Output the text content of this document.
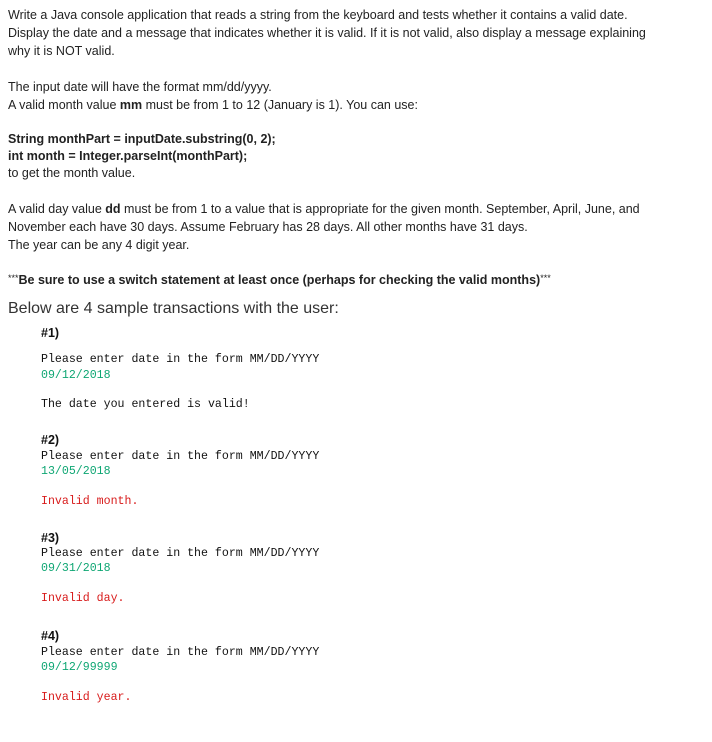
Write a Java console application that reads a string from the keyboard and tests whether it contains a valid date.
Display the date and a message that indicates whether it is valid. If it is not valid, also display a message explaining
why it is NOT valid.
The input date will have the format mm/dd/yyyy.
A valid month value mm must be from 1 to 12 (January is 1). You can use:
String monthPart = inputDate.substring(0, 2);
int month = Integer.parseInt(monthPart);
to get the month value.
A valid day value dd must be from 1 to a value that is appropriate for the given month. September, April, June, and
November each have 30 days. Assume February has 28 days. All other months have 31 days.
The year can be any 4 digit year.
***Be sure to use a switch statement at least once (perhaps for checking the valid months)***
Below are 4 sample transactions with the user:
#1)
Please enter date in the form MM/DD/YYYY
09/12/2018
The date you entered is valid!
#2)
Please enter date in the form MM/DD/YYYY
13/05/2018
Invalid month.
#3)
Please enter date in the form MM/DD/YYYY
09/31/2018
Invalid day.
#4)
Please enter date in the form MM/DD/YYYY
09/12/99999
Invalid year.
